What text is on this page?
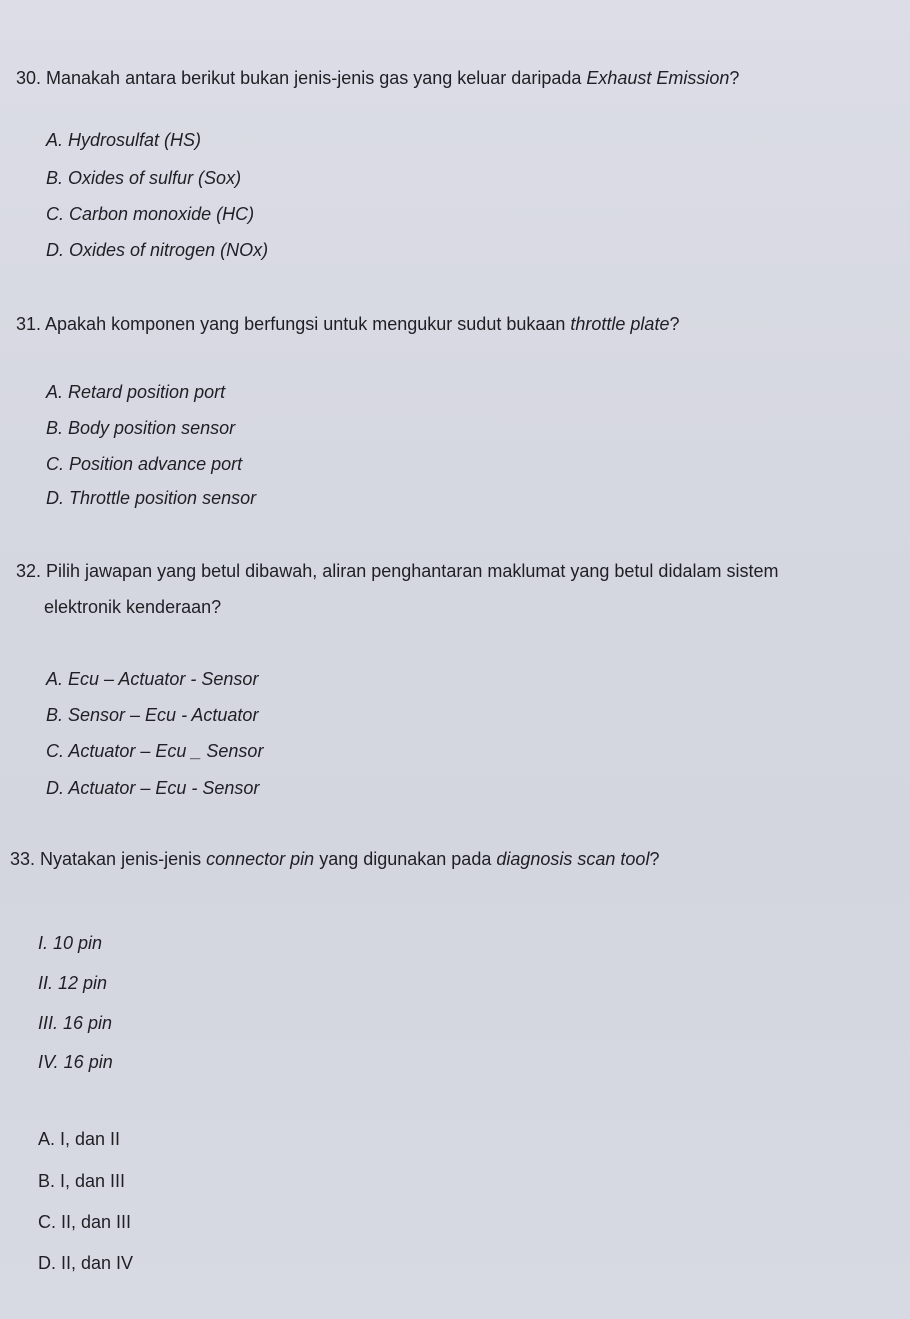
30. Manakah antara berikut bukan jenis-jenis gas yang keluar daripada Exhaust Emission?
A. Hydrosulfat (HS)
B. Oxides of sulfur (Sox)
C. Carbon monoxide (HC)
D. Oxides of nitrogen (NOx)
31. Apakah komponen yang berfungsi untuk mengukur sudut bukaan throttle plate?
A. Retard position port
B. Body position sensor
C. Position advance port
D. Throttle position sensor
32. Pilih jawapan yang betul dibawah, aliran penghantaran maklumat yang betul didalam sistem
elektronik kenderaan?
A. Ecu – Actuator - Sensor
B. Sensor – Ecu - Actuator
C. Actuator – Ecu _ Sensor
D. Actuator – Ecu - Sensor
33. Nyatakan jenis-jenis connector pin yang digunakan pada diagnosis scan tool?
I. 10 pin
II. 12 pin
III. 16 pin
IV. 16 pin
A. I, dan II
B. I, dan III
C. II, dan III
D. II, dan IV
